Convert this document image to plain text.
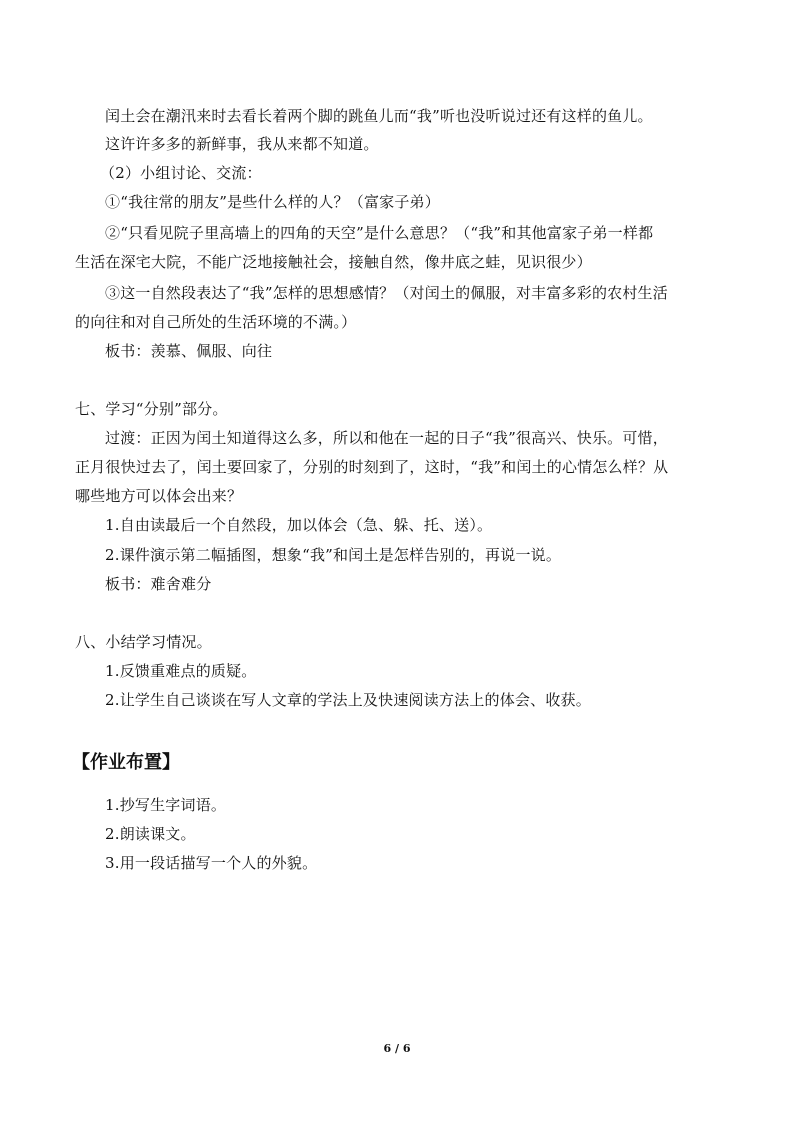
闰土会在潮汛来时去看长着两个脚的跳鱼儿而“我”听也没听说过还有这样的鱼儿。
这许许多多的新鲜事，我从来都不知道。
（2）小组讨论、交流：
①“我往常的朋友”是些什么样的人？（富家子弟）
②“只看见院子里高墙上的四角的天空”是什么意思？（“我”和其他富家子弟一样都
生活在深宅大院，不能广泛地接触社会，接触自然，像井底之蛙，见识很少）
③这一自然段表达了“我”怎样的思想感情？（对闰土的佩服，对丰富多彩的农村生活
的向往和对自己所处的生活环境的不满。）
板书：羡慕、佩服、向往
七、学习“分别”部分。
过渡：正因为闰土知道得这么多，所以和他在一起的日子“我”很高兴、快乐。可惜，
正月很快过去了，闰土要回家了，分别的时刻到了，这时，“我”和闰土的心情怎么样？从
哪些地方可以体会出来？
1.自由读最后一个自然段，加以体会（急、躲、托、送）。
2.课件演示第二幅插图，想象“我”和闰土是怎样告别的，再说一说。
板书：难舍难分
八、小结学习情况。
1.反馈重难点的质疑。
2.让学生自己谈谈在写人文章的学法上及快速阅读方法上的体会、收获。
【作业布置】
1.抄写生字词语。
2.朗读课文。
3.用一段话描写一个人的外貌。
6 / 6
